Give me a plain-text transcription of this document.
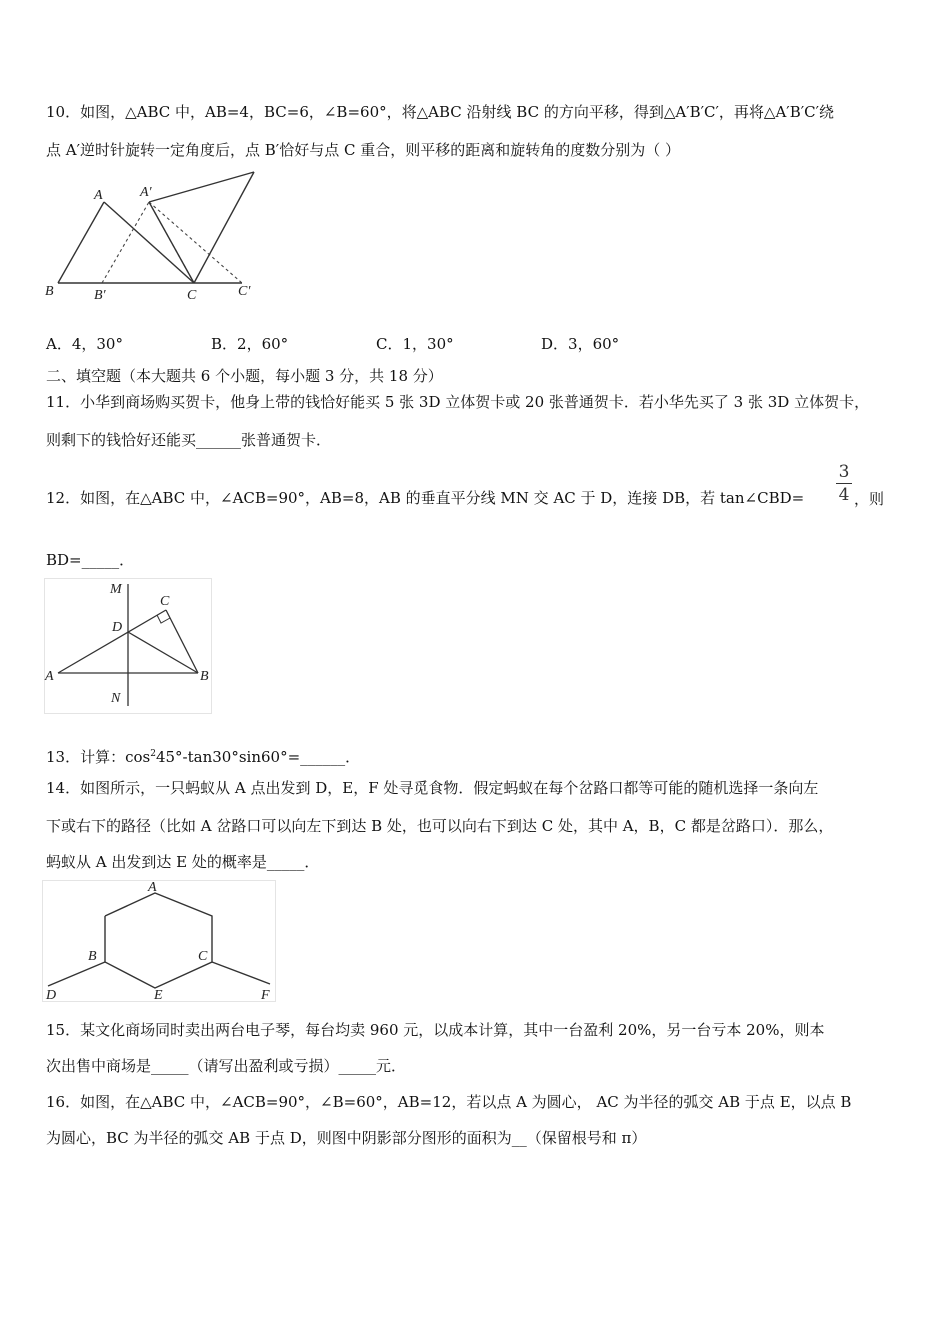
10．如图，△ABC 中，AB=4，BC=6，∠B=60°，将△ABC 沿射线 BC 的方向平移，得到△A′B′C′，再将△A′B′C′绕
点 A′逆时针旋转一定角度后，点 B′恰好与点 C 重合，则平移的距离和旋转角的度数分别为（ ）
A	A′
B	B′	C	C′
A．4，30°	B．2，60°	C．1，30°	D．3，60°
二、填空题（本大题共 6 个小题，每小题 3 分，共 18 分）
11．小华到商场购买贺卡，他身上带的钱恰好能买 5 张 3D 立体贺卡或 20 张普通贺卡．若小华先买了 3 张 3D 立体贺卡，
则剩下的钱恰好还能买______张普通贺卡．
12．如图，在△ABC 中，∠ACB=90°，AB=8，AB 的垂直平分线 MN 交 AC 于 D，连接 DB，若 tan∠CBD=
3
4 ，则
BD=_____．
M
C
D
A	B
N
13．计算：$\cos^245^\circ-\tan 30^\circ\sin 60^\circ=\_\_\_\_\_\_$．
14．如图所示，一只蚂蚁从 A 点出发到 D，E，F 处寻觅食物．假定蚂蚁在每个岔路口都等可能的随机选择一条向左
下或右下的路径（比如 A 岔路口可以向左下到达 B 处，也可以向右下到达 C 处，其中 A，B，C 都是岔路口）．那么，
蚂蚁从 A 出发到达 E 处的概率是_____．
A
B	C
D	E	F
15．某文化商场同时卖出两台电子琴，每台均卖 960 元，以成本计算，其中一台盈利 20%，另一台亏本 20%，则本
次出售中商场是_____（请写出盈利或亏损）_____元．
16．如图，在△ABC 中，∠ACB=90°，∠B=60°，AB=12，若以点 A 为圆心， AC 为半径的弧交 AB 于点 E，以点 B
为圆心，BC 为半径的弧交 AB 于点 D，则图中阴影部分图形的面积为__（保留根号和 π）
